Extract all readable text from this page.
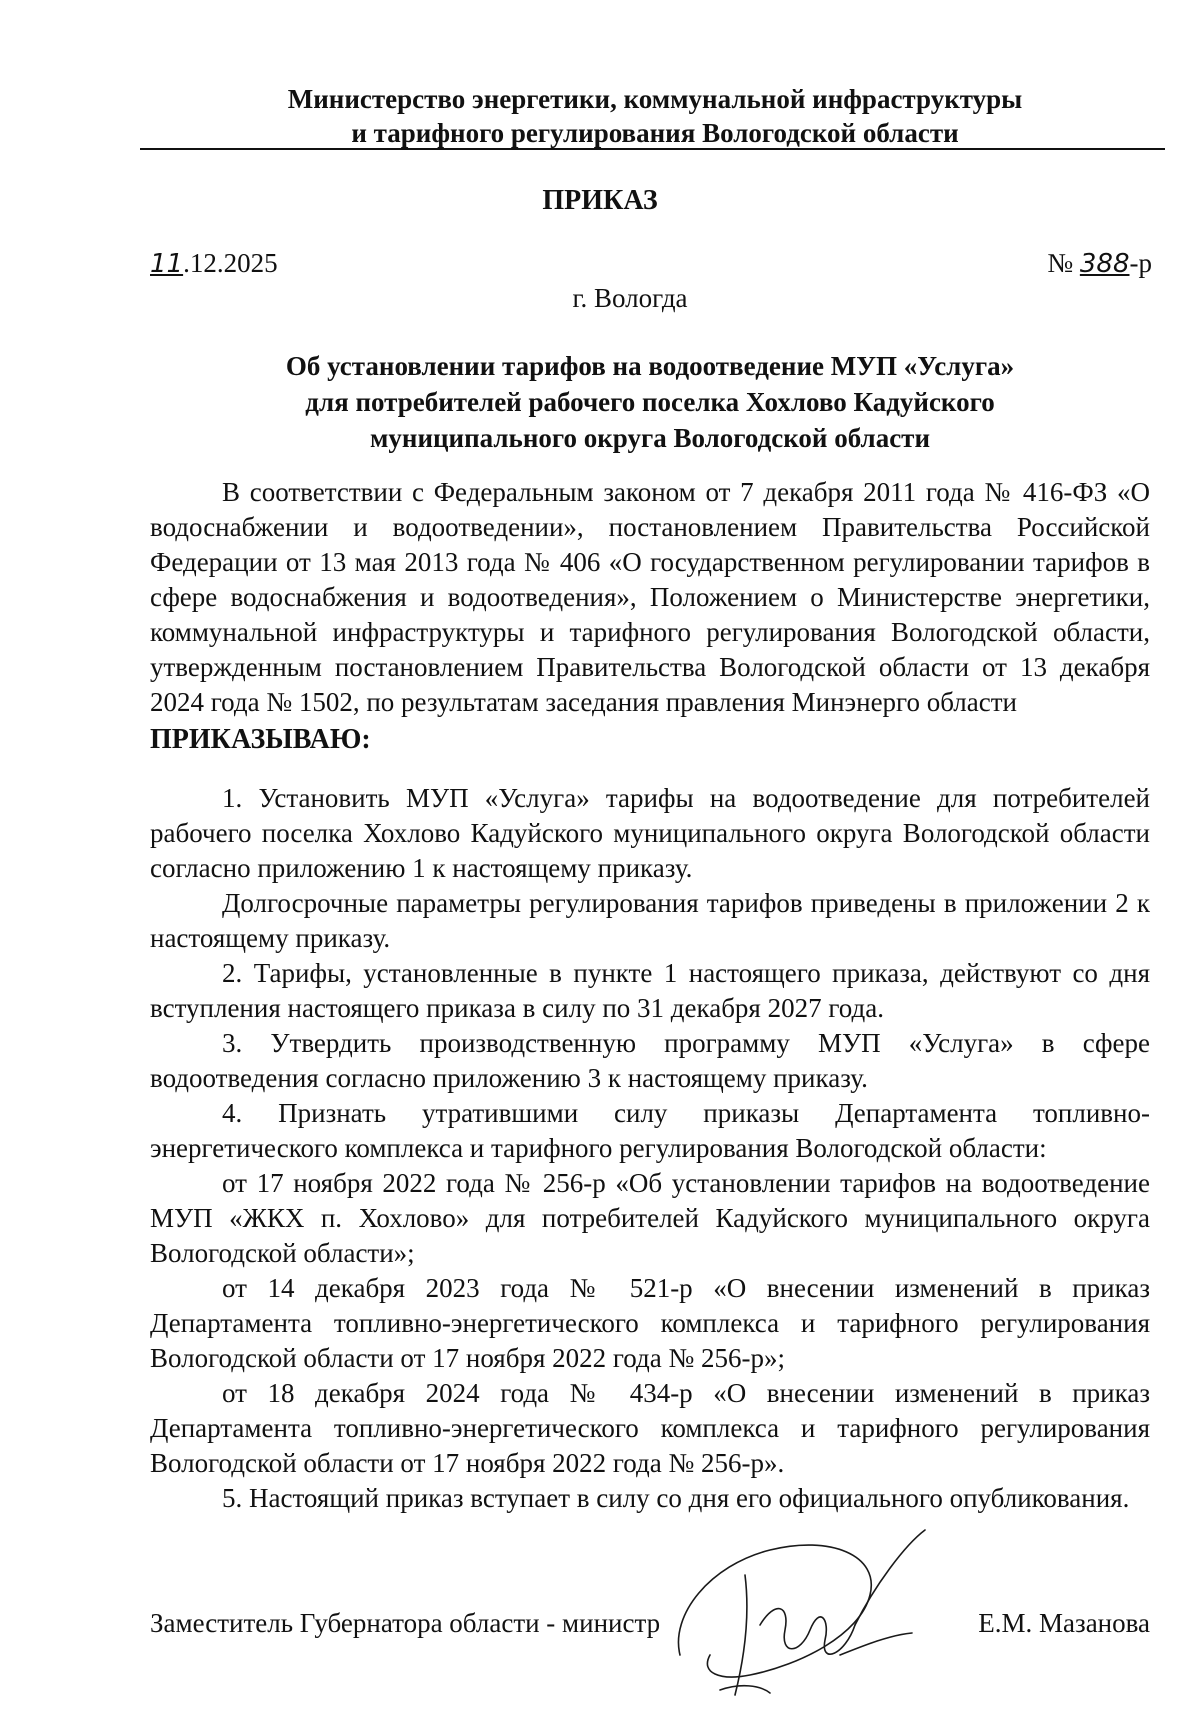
Министерство энергетики, коммунальной инфраструктуры
и тарифного регулирования Вологодской области
ПРИКАЗ
11.12.2025	№ 388-р
г. Вологда
Об установлении тарифов на водоотведение МУП «Услуга»
для потребителей рабочего поселка Хохлово Кадуйского
муниципального округа Вологодской области

В соответствии с Федеральным законом от 7 декабря 2011 года № 416-ФЗ «О водоснабжении и водоотведении», постановлением Правительства Российской Федерации от 13 мая 2013 года № 406 «О государственном регулировании тарифов в сфере водоснабжения и водоотведения», Положением о Министерстве энергетики, коммунальной инфраструктуры и тарифного регулирования Вологодской области, утвержденным постановлением Правительства Вологодской области от 13 декабря 2024 года № 1502, по результатам заседания правления Минэнерго области

ПРИКАЗЫВАЮ:

1. Установить МУП «Услуга» тарифы на водоотведение для потребителей рабочего поселка Хохлово Кадуйского муниципального округа Вологодской области согласно приложению 1 к настоящему приказу.

Долгосрочные параметры регулирования тарифов приведены в приложении 2 к настоящему приказу.

2. Тарифы, установленные в пункте 1 настоящего приказа, действуют со дня вступления настоящего приказа в силу по 31 декабря 2027 года.

3. Утвердить производственную программу МУП «Услуга» в сфере водоотведения согласно приложению 3 к настоящему приказу.

4. Признать утратившими силу приказы Департамента топливно-энергетического комплекса и тарифного регулирования Вологодской области:

от 17 ноября 2022 года № 256-р «Об установлении тарифов на водоотведение МУП «ЖКХ п. Хохлово» для потребителей Кадуйского муниципального округа Вологодской области»;

от 14 декабря 2023 года № 521-р «О внесении изменений в приказ Департамента топливно-энергетического комплекса и тарифного регулирования Вологодской области от 17 ноября 2022 года № 256-р»;

от 18 декабря 2024 года № 434-р «О внесении изменений в приказ Департамента топливно-энергетического комплекса и тарифного регулирования Вологодской области от 17 ноября 2022 года № 256-р».

5. Настоящий приказ вступает в силу со дня его официального опубликования.

Заместитель Губернатора области - министр	Е.М. Мазанова
